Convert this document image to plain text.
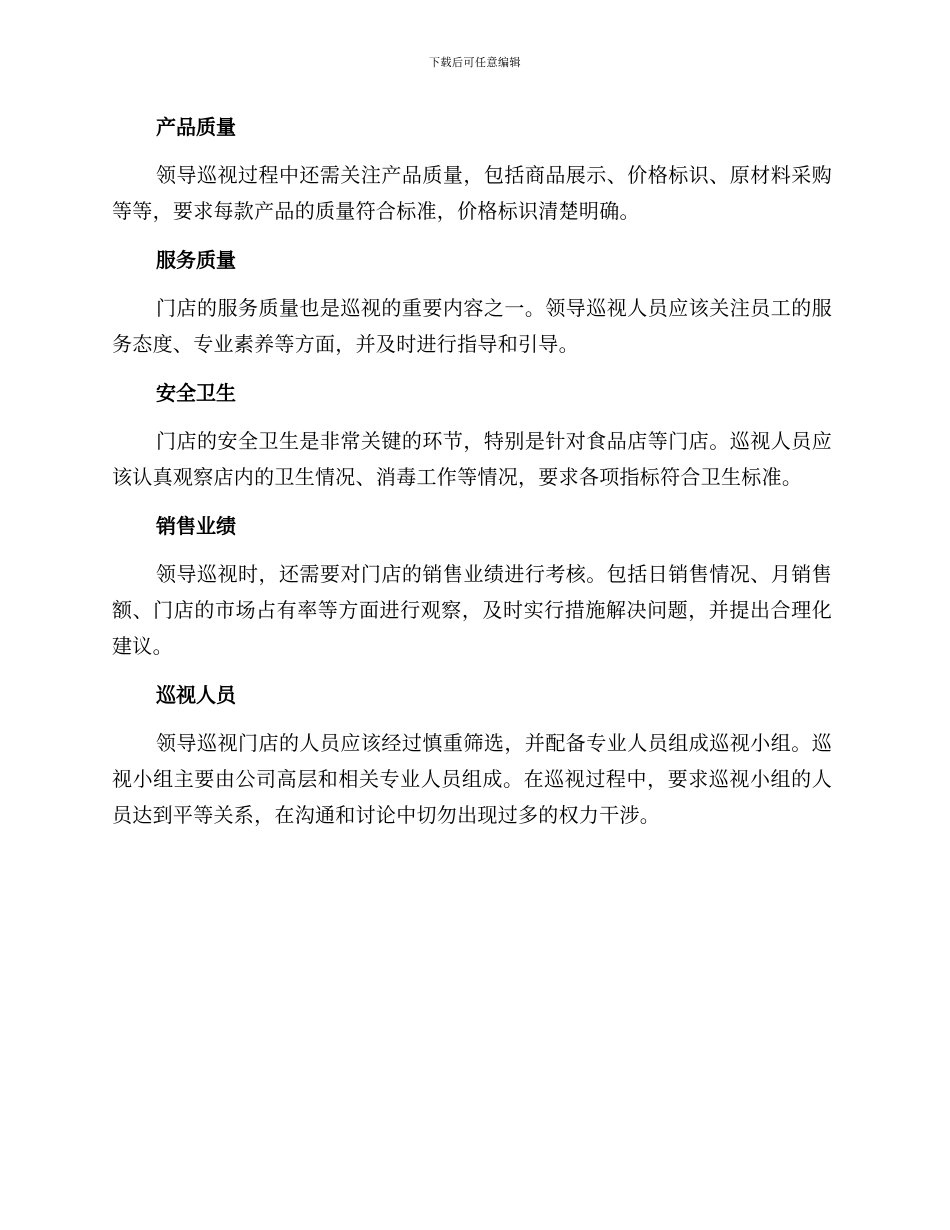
下载后可任意编辑
产品质量

领导巡视过程中还需关注产品质量，包括商品展示、价格标识、原材料采购等等，要求每款产品的质量符合标准，价格标识清楚明确。

服务质量

门店的服务质量也是巡视的重要内容之一。领导巡视人员应该关注员工的服务态度、专业素养等方面，并及时进行指导和引导。

安全卫生

门店的安全卫生是非常关键的环节，特别是针对食品店等门店。巡视人员应该认真观察店内的卫生情况、消毒工作等情况，要求各项指标符合卫生标准。

销售业绩

领导巡视时，还需要对门店的销售业绩进行考核。包括日销售情况、月销售额、门店的市场占有率等方面进行观察，及时实行措施解决问题，并提出合理化建议。

巡视人员

领导巡视门店的人员应该经过慎重筛选，并配备专业人员组成巡视小组。巡视小组主要由公司高层和相关专业人员组成。在巡视过程中，要求巡视小组的人员达到平等关系，在沟通和讨论中切勿出现过多的权力干涉。
